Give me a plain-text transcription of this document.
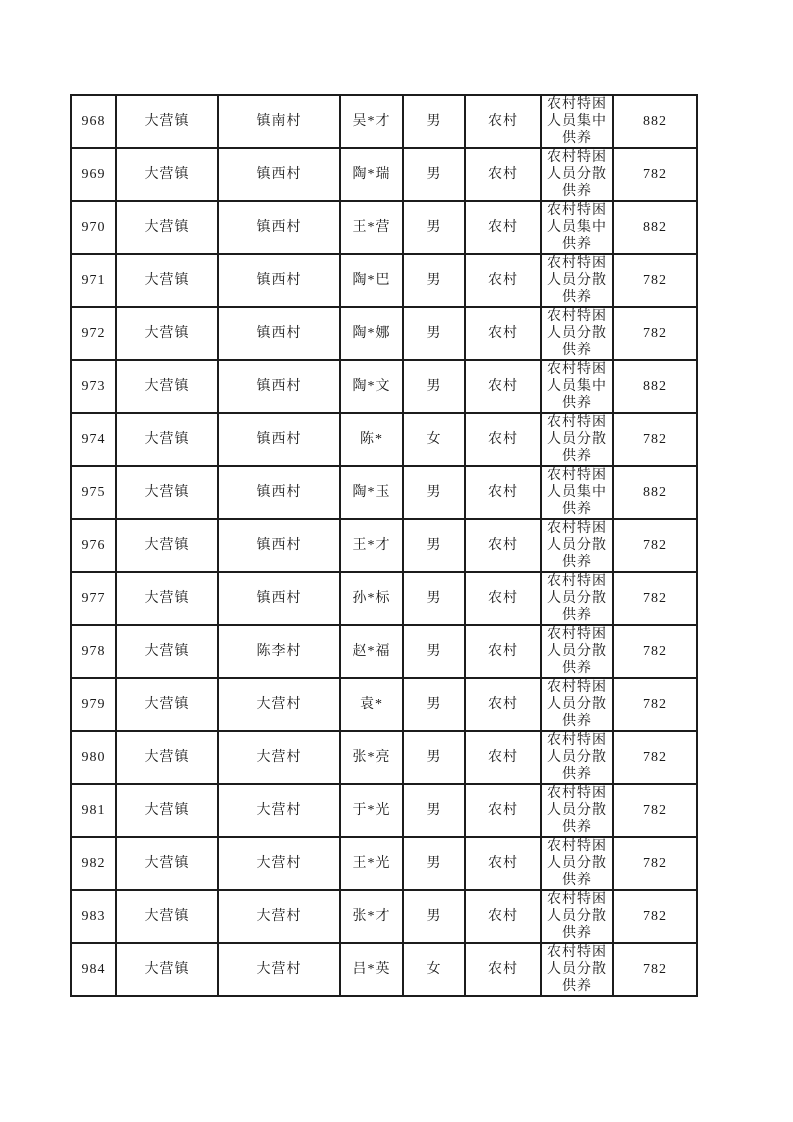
968	大营镇	镇南村	吴*才	男	农村	农村特困人员集中供养	882
969	大营镇	镇西村	陶*瑞	男	农村	农村特困人员分散供养	782
970	大营镇	镇西村	王*营	男	农村	农村特困人员集中供养	882
971	大营镇	镇西村	陶*巴	男	农村	农村特困人员分散供养	782
972	大营镇	镇西村	陶*娜	男	农村	农村特困人员分散供养	782
973	大营镇	镇西村	陶*文	男	农村	农村特困人员集中供养	882
974	大营镇	镇西村	陈*	女	农村	农村特困人员分散供养	782
975	大营镇	镇西村	陶*玉	男	农村	农村特困人员集中供养	882
976	大营镇	镇西村	王*才	男	农村	农村特困人员分散供养	782
977	大营镇	镇西村	孙*标	男	农村	农村特困人员分散供养	782
978	大营镇	陈李村	赵*福	男	农村	农村特困人员分散供养	782
979	大营镇	大营村	袁*	男	农村	农村特困人员分散供养	782
980	大营镇	大营村	张*亮	男	农村	农村特困人员分散供养	782
981	大营镇	大营村	于*光	男	农村	农村特困人员分散供养	782
982	大营镇	大营村	王*光	男	农村	农村特困人员分散供养	782
983	大营镇	大营村	张*才	男	农村	农村特困人员分散供养	782
984	大营镇	大营村	吕*英	女	农村	农村特困人员分散供养	782
